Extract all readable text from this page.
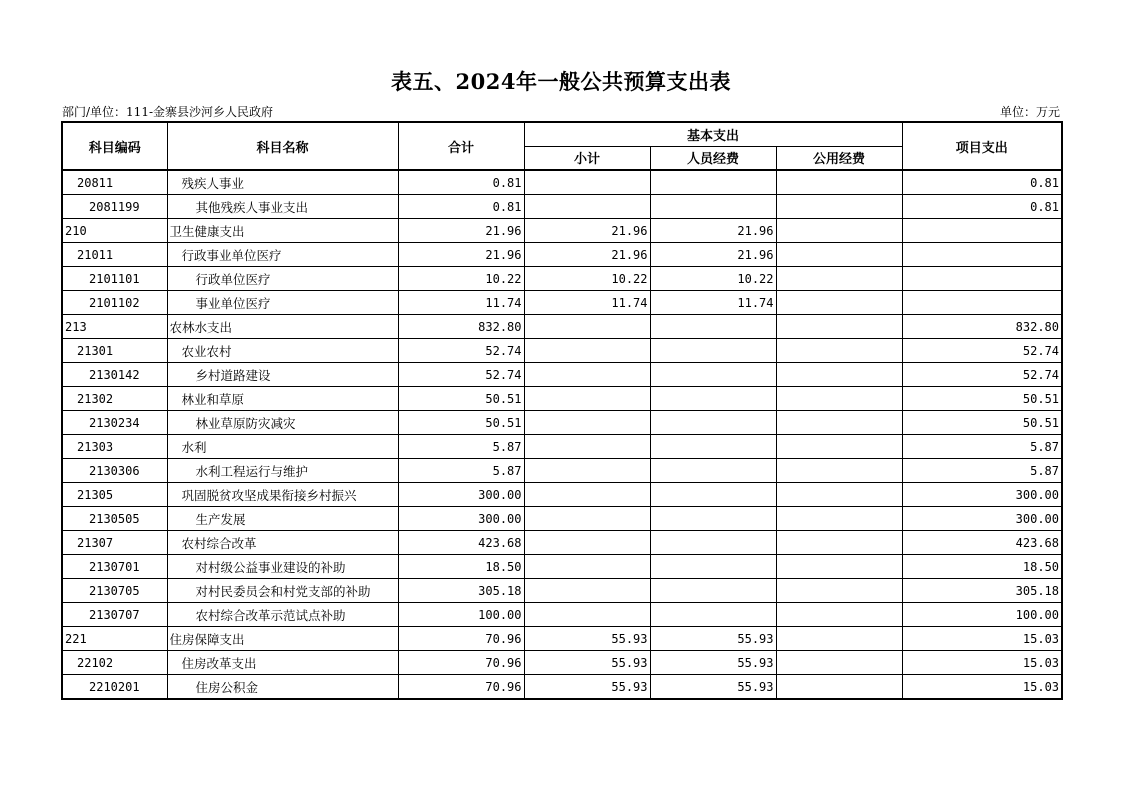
表五、2024年一般公共预算支出表
部门/单位：111-金寨县沙河乡人民政府	单位：万元
科目编码	科目名称	合计	基本支出			项目支出
			小计	人员经费	公用经费	
20811	残疾人事业	0.81				0.81
2081199	其他残疾人事业支出	0.81				0.81
210	卫生健康支出	21.96	21.96	21.96		
21011	行政事业单位医疗	21.96	21.96	21.96		
2101101	行政单位医疗	10.22	10.22	10.22		
2101102	事业单位医疗	11.74	11.74	11.74		
213	农林水支出	832.80				832.80
21301	农业农村	52.74				52.74
2130142	乡村道路建设	52.74				52.74
21302	林业和草原	50.51				50.51
2130234	林业草原防灾减灾	50.51				50.51
21303	水利	5.87				5.87
2130306	水利工程运行与维护	5.87				5.87
21305	巩固脱贫攻坚成果衔接乡村振兴	300.00				300.00
2130505	生产发展	300.00				300.00
21307	农村综合改革	423.68				423.68
2130701	对村级公益事业建设的补助	18.50				18.50
2130705	对村民委员会和村党支部的补助	305.18				305.18
2130707	农村综合改革示范试点补助	100.00				100.00
221	住房保障支出	70.96	55.93	55.93		15.03
22102	住房改革支出	70.96	55.93	55.93		15.03
2210201	住房公积金	70.96	55.93	55.93		15.03
